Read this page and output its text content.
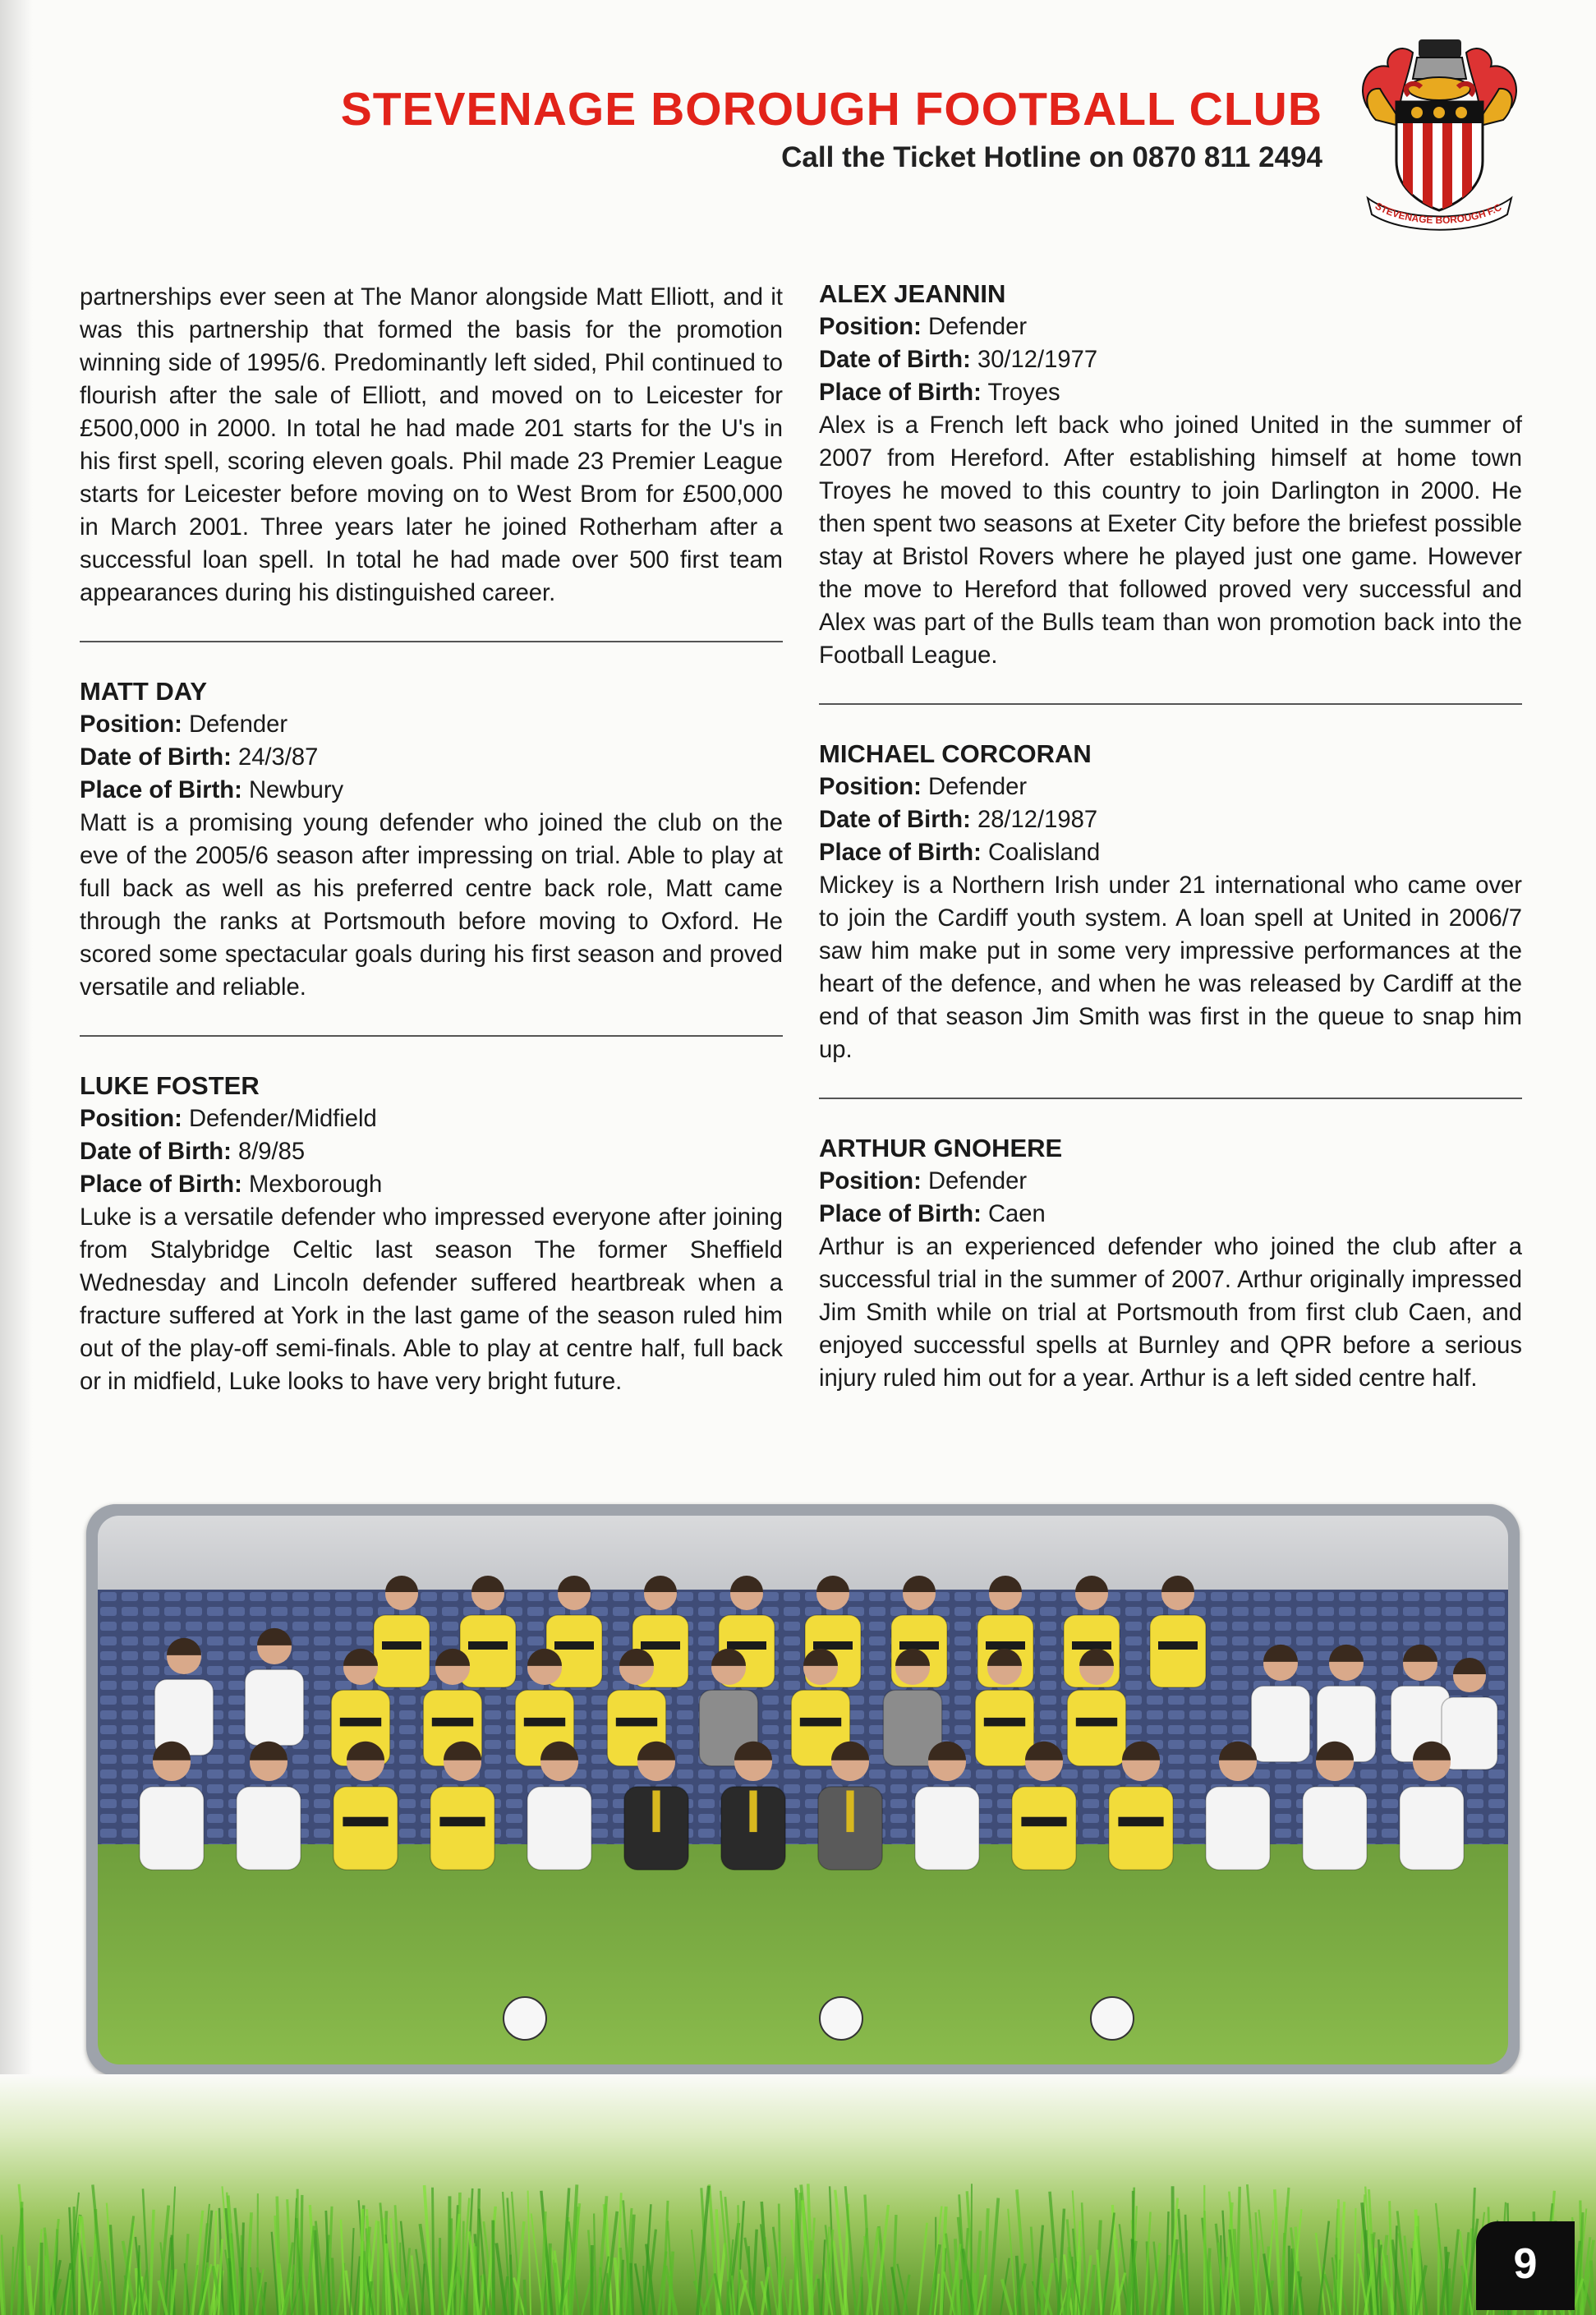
STEVENAGE BOROUGH FOOTBALL CLUB
Call the Ticket Hotline on 0870 811 2494
STEVENAGE BOROUGH F.C

partnerships ever seen at The Manor alongside Matt Elliott, and it was this partnership that formed the basis for the promotion winning side of 1995/6. Predominantly left sided, Phil continued to flourish after the sale of Elliott, and moved on to Leicester for £500,000 in 2000. In total he had made 201 starts for the U's in his first spell, scoring eleven goals. Phil made 23 Premier League starts for Leicester before moving on to West Brom for £500,000 in March 2001. Three years later he joined Rotherham after a successful loan spell. In total he had made over 500 first team appearances during his distinguished career.

MATT DAY
Position: Defender
Date of Birth: 24/3/87
Place of Birth: Newbury

Matt is a promising young defender who joined the club on the eve of the 2005/6 season after impressing on trial. Able to play at full back as well as his preferred centre back role, Matt came through the ranks at Portsmouth before moving to Oxford. He scored some spectacular goals during his first season and proved versatile and reliable.

LUKE FOSTER
Position: Defender/Midfield
Date of Birth: 8/9/85
Place of Birth: Mexborough

Luke is a versatile defender who impressed everyone after joining from Stalybridge Celtic last season The former Sheffield Wednesday and Lincoln defender suffered heartbreak when a fracture suffered at York in the last game of the season ruled him out of the play-off semi-finals. Able to play at centre half, full back or in midfield, Luke looks to have very bright future.

ALEX JEANNIN
Position: Defender
Date of Birth: 30/12/1977
Place of Birth: Troyes

Alex is a French left back who joined United in the summer of 2007 from Hereford. After establishing himself at home town Troyes he moved to this country to join Darlington in 2000. He then spent two seasons at Exeter City before the briefest possible stay at Bristol Rovers where he played just one game. However the move to Hereford that followed proved very successful and Alex was part of the Bulls team than won promotion back into the Football League.

MICHAEL CORCORAN
Position: Defender
Date of Birth: 28/12/1987
Place of Birth: Coalisland

Mickey is a Northern Irish under 21 international who came over to join the Cardiff youth system. A loan spell at United in 2006/7 saw him make put in some very impressive performances at the heart of the defence, and when he was released by Cardiff at the end of that season Jim Smith was first in the queue to snap him up.

ARTHUR GNOHERE
Position: Defender
Place of Birth: Caen

Arthur is an experienced defender who joined the club after a successful trial in the summer of 2007. Arthur originally impressed Jim Smith while on trial at Portsmouth from first club Caen, and enjoyed successful spells at Burnley and QPR before a serious injury ruled him out for a year. Arthur is a left sided centre half.

9
